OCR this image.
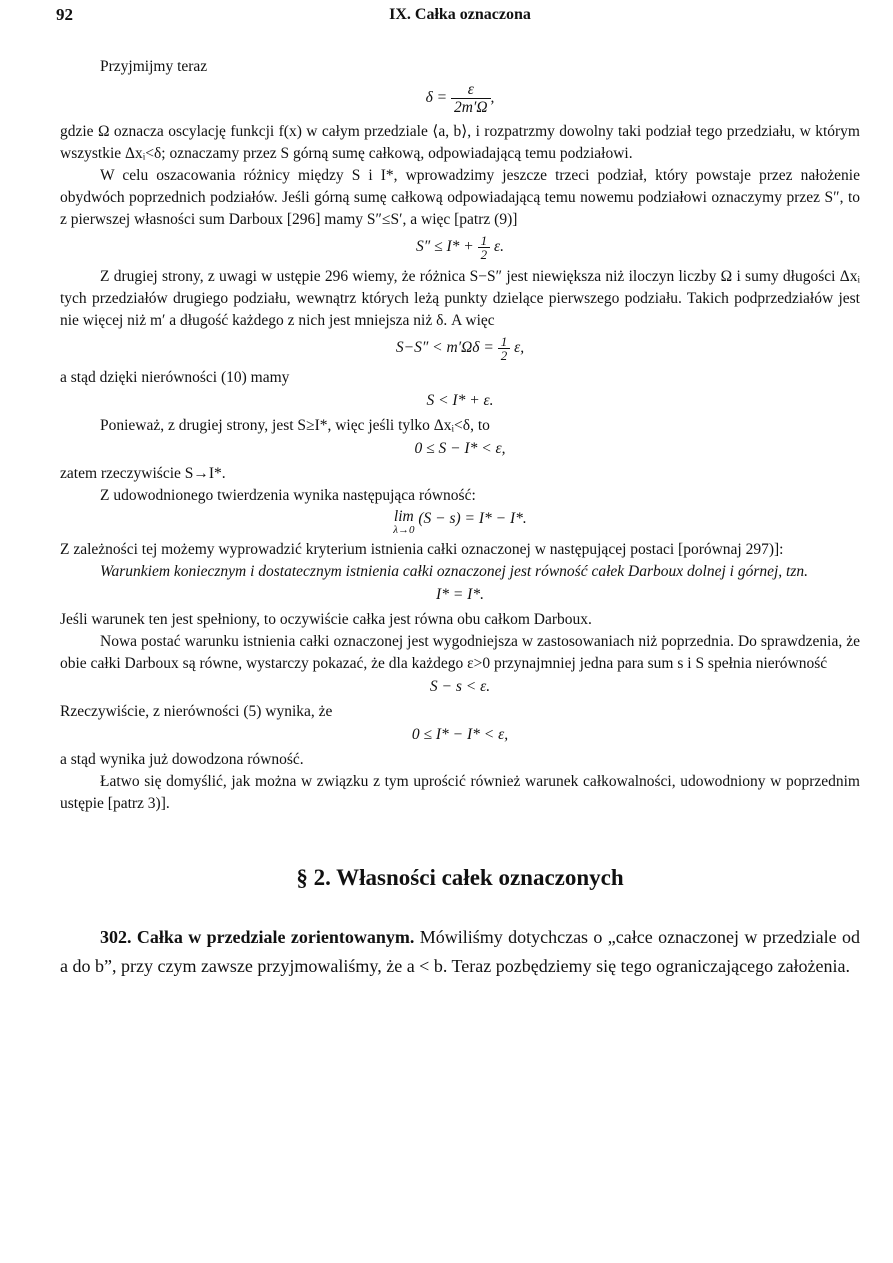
92	IX. Całka oznaczona

Przyjmijmy teraz

$\delta = \frac{\varepsilon}{2m'\Omega}$ ,

gdzie Ω oznacza oscylację funkcji f(x) w całym przedziale ⟨a, b⟩, i rozpatrzmy dowolny taki podział tego przedziału, w którym wszystkie Δxᵢ<δ; oznaczamy przez S górną sumę całkową, odpowiadającą temu podziałowi.

W celu oszacowania różnicy między S i I*, wprowadzimy jeszcze trzeci podział, który powstaje przez nałożenie obydwóch poprzednich podziałów. Jeśli górną sumę całkową odpowiadającą temu nowemu podziałowi oznaczymy przez S″, to z pierwszej własności sum Darboux [296] mamy S″≤S′, a więc [patrz (9)]

$S'' \le I* + \frac{1}{2} \varepsilon$.

Z drugiej strony, z uwagi w ustępie 296 wiemy, że różnica S−S″ jest niewiększa niż iloczyn liczby Ω i sumy długości Δxᵢ tych przedziałów drugiego podziału, wewnątrz których leżą punkty dzielące pierwszego podziału. Takich podprzedziałów jest nie więcej niż m′ a długość każdego z nich jest mniejsza niż δ. A więc

$S-S'' < m'\Omega\delta = \frac{1}{2} \varepsilon$,

a stąd dzięki nierówności (10) mamy

S < I* + ε.

Ponieważ, z drugiej strony, jest S≥I*, więc jeśli tylko Δxᵢ<δ, to

0 ≤ S − I* < ε,

zatem rzeczywiście S→I*.

Z udowodnionego twierdzenia wynika następująca równość:

lim
λ→0
(S − s) = I* − I*.

Z zależności tej możemy wyprowadzić kryterium istnienia całki oznaczonej w następującej postaci [porównaj 297)]:

Warunkiem koniecznym i dostatecznym istnienia całki oznaczonej jest równość całek Darboux dolnej i górnej, tzn.

I* = I*.

Jeśli warunek ten jest spełniony, to oczywiście całka jest równa obu całkom Darboux.

Nowa postać warunku istnienia całki oznaczonej jest wygodniejsza w zastosowaniach niż poprzednia. Do sprawdzenia, że obie całki Darboux są równe, wystarczy pokazać, że dla każdego ε>0 przynajmniej jedna para sum s i S spełnia nierówność

S − s < ε.

Rzeczywiście, z nierówności (5) wynika, że

0 ≤ I* − I* < ε,

a stąd wynika już dowodzona równość.

Łatwo się domyślić, jak można w związku z tym uprościć również warunek całkowalności, udowodniony w poprzednim ustępie [patrz 3)].

§ 2. Własności całek oznaczonych

302. Całka w przedziale zorientowanym. Mówiliśmy dotychczas o „całce oznaczonej w przedziale od a do b”, przy czym zawsze przyjmowaliśmy, że a < b. Teraz pozbędziemy się tego ograniczającego założenia.
